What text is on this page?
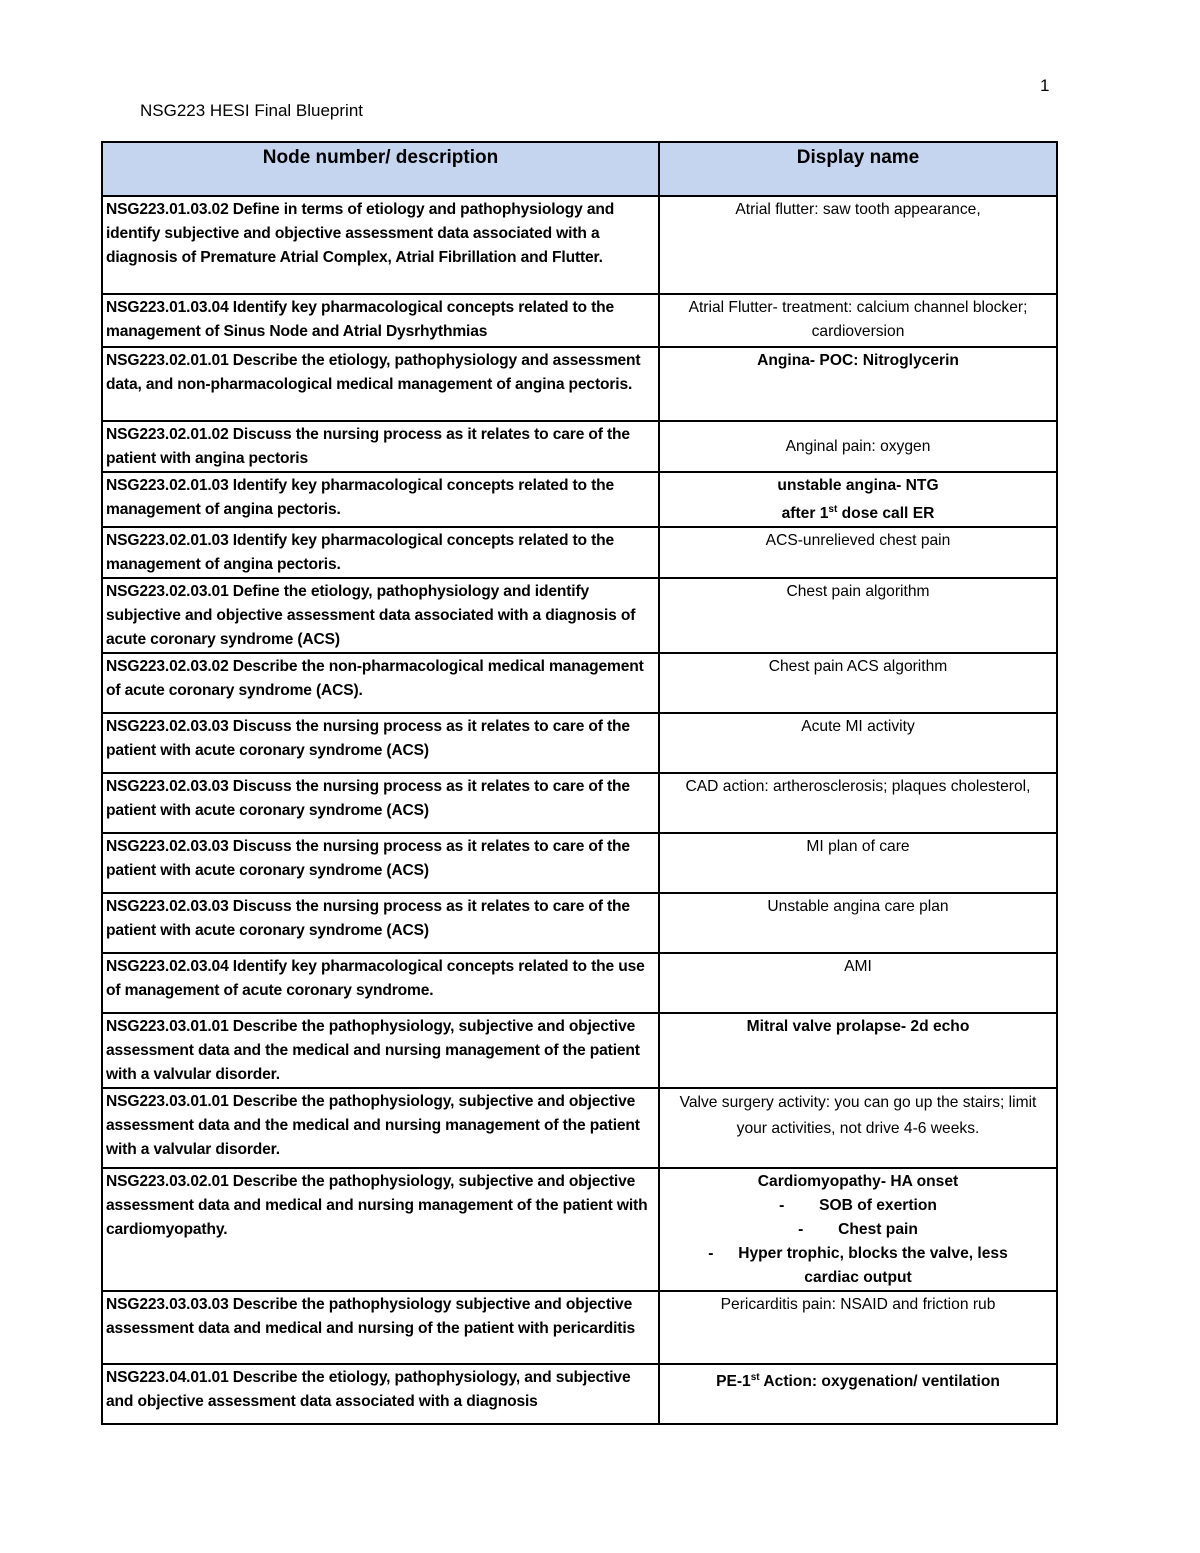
1
NSG223 HESI Final Blueprint
Node number/ description	Display name
NSG223.01.03.02 Define in terms of etiology and pathophysiology and identify subjective and objective assessment data associated with a diagnosis of Premature Atrial Complex, Atrial Fibrillation and Flutter.	Atrial flutter: saw tooth appearance,
NSG223.01.03.04 Identify key pharmacological concepts related to the management of Sinus Node and Atrial Dysrhythmias	Atrial Flutter- treatment: calcium channel blocker; cardioversion
NSG223.02.01.01 Describe the etiology, pathophysiology and assessment data, and non-pharmacological medical management of angina pectoris.	Angina- POC: Nitroglycerin
NSG223.02.01.02 Discuss the nursing process as it relates to care of the patient with angina pectoris	Anginal pain: oxygen
NSG223.02.01.03 Identify key pharmacological concepts related to the management of angina pectoris.	unstable angina- NTG
after 1st dose call ER

NSG223.02.01.03 Identify key pharmacological concepts related to the management of angina pectoris.	ACS-unrelieved chest pain
NSG223.02.03.01 Define the etiology, pathophysiology and identify subjective and objective assessment data associated with a diagnosis of acute coronary syndrome (ACS)	Chest pain algorithm
NSG223.02.03.02 Describe the non-pharmacological medical management of acute coronary syndrome (ACS).	Chest pain ACS algorithm
NSG223.02.03.03 Discuss the nursing process as it relates to care of the patient with acute coronary syndrome (ACS)	Acute MI activity
NSG223.02.03.03 Discuss the nursing process as it relates to care of the patient with acute coronary syndrome (ACS)	CAD action: artherosclerosis; plaques cholesterol,
NSG223.02.03.03 Discuss the nursing process as it relates to care of the patient with acute coronary syndrome (ACS)	MI plan of care
NSG223.02.03.03 Discuss the nursing process as it relates to care of the patient with acute coronary syndrome (ACS)	Unstable angina care plan
NSG223.02.03.04 Identify key pharmacological concepts related to the use of management of acute coronary syndrome.	AMI
NSG223.03.01.01 Describe the pathophysiology, subjective and objective assessment data and the medical and nursing management of the patient with a valvular disorder.	Mitral valve prolapse- 2d echo
NSG223.03.01.01 Describe the pathophysiology, subjective and objective assessment data and the medical and nursing management of the patient with a valvular disorder.	Valve surgery activity: you can go up the stairs; limit your activities, not drive 4-6 weeks.
NSG223.03.02.01 Describe the pathophysiology, subjective and objective assessment data and medical and nursing management of the patient with cardiomyopathy.	Cardiomyopathy- HA onset
- SOB of exertion
- Chest pain
- Hyper trophic, blocks the valve, less cardiac output

NSG223.03.03.03 Describe the pathophysiology subjective and objective assessment data and medical and nursing of the patient with pericarditis	Pericarditis pain: NSAID and friction rub
NSG223.04.01.01 Describe the etiology, pathophysiology, and subjective and objective assessment data associated with a diagnosis	PE-1st Action: oxygenation/ ventilation
